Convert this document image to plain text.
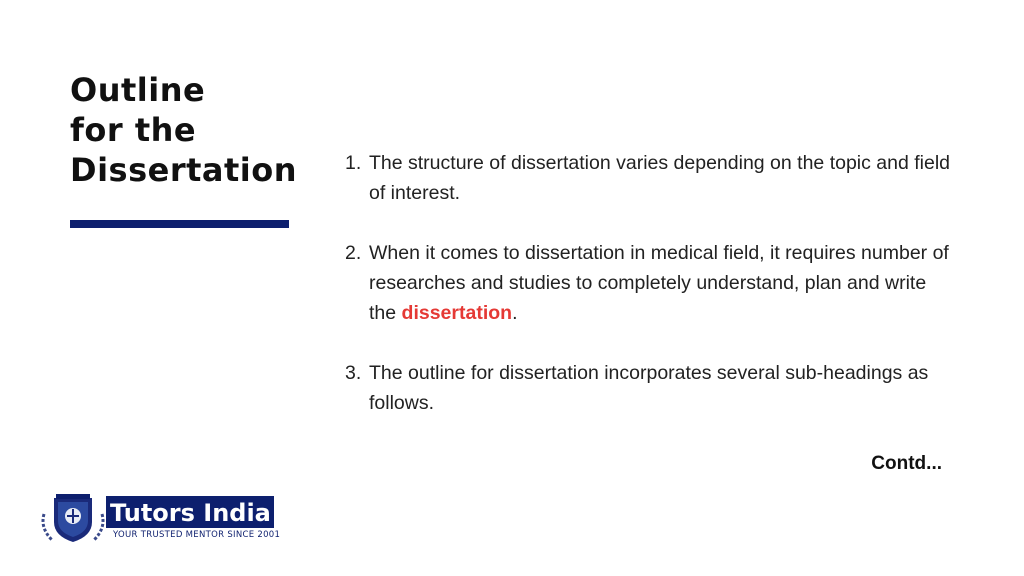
Outline
for the
Dissertation 1. The structure of dissertation varies depending on the topic and field of interest.
2. When it comes to dissertation in medical field, it requires number of researches and studies to completely understand, plan and write the dissertation.
3. The outline for dissertation incorporates several sub-headings as follows.
Contd...
Tutors India
YOUR TRUSTED MENTOR SINCE 2001
